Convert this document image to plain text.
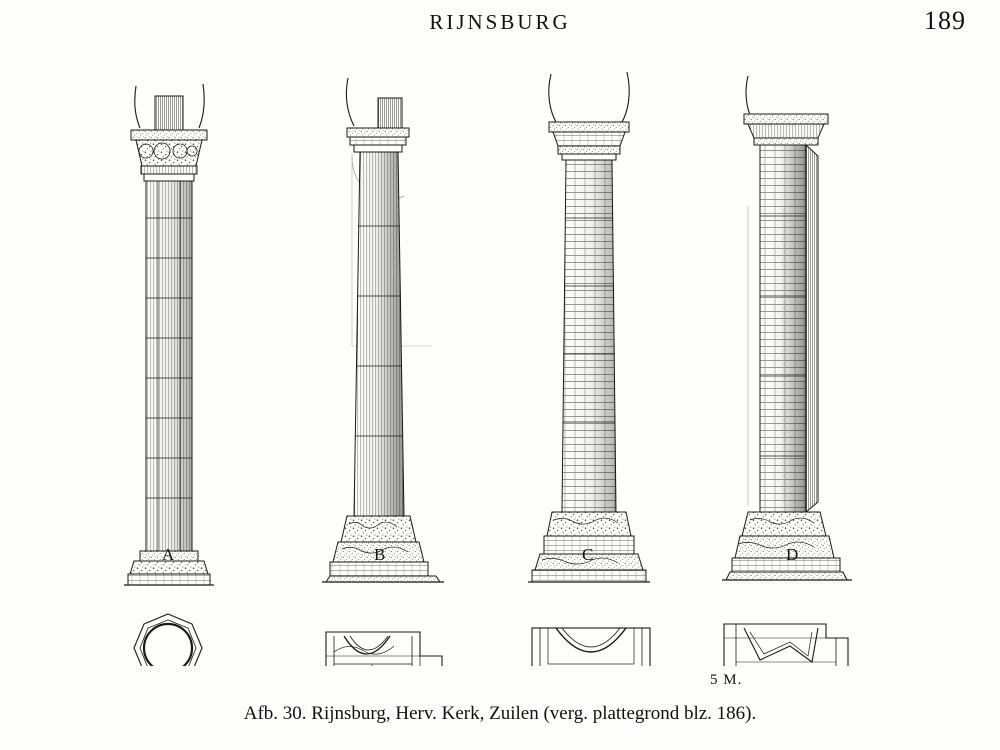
RIJNSBURG	189
A	B	C	D
5 M.
Afb. 30. Rijnsburg, Herv. Kerk, Zuilen (verg. plattegrond blz. 186).
